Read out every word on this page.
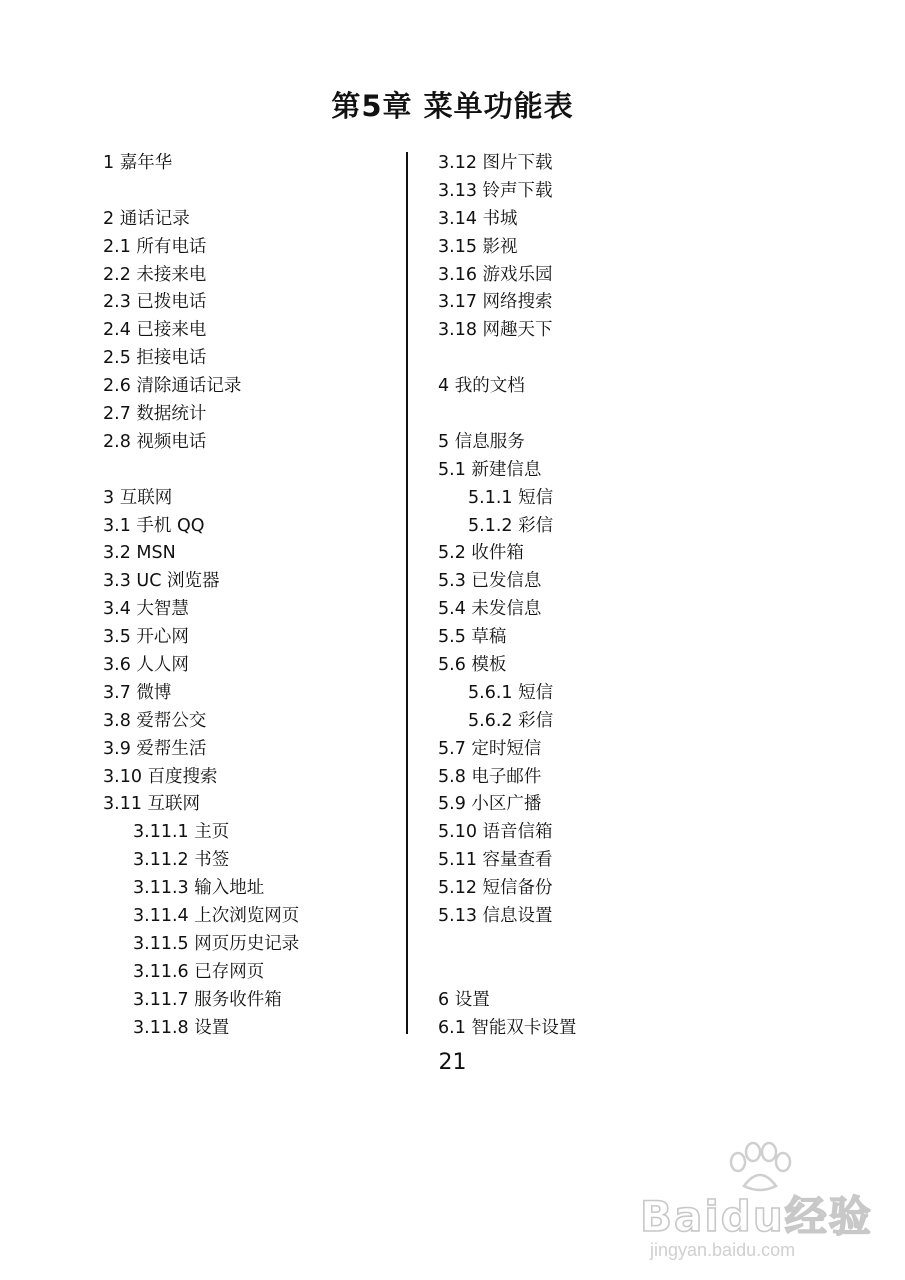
第5章 菜单功能表
1 嘉年华
2 通话记录
2.1 所有电话
2.2 未接来电
2.3 已拨电话
2.4 已接来电
2.5 拒接电话
2.6 清除通话记录
2.7 数据统计
2.8 视频电话
3 互联网
3.1 手机 QQ
3.2 MSN
3.3 UC 浏览器
3.4 大智慧
3.5 开心网
3.6 人人网
3.7 微博
3.8 爱帮公交
3.9 爱帮生活
3.10 百度搜索
3.11 互联网
3.11.1 主页
3.11.2 书签
3.11.3 输入地址
3.11.4 上次浏览网页
3.11.5 网页历史记录
3.11.6 已存网页
3.11.7 服务收件箱
3.11.8 设置
3.12 图片下载
3.13 铃声下载
3.14 书城
3.15 影视
3.16 游戏乐园
3.17 网络搜索
3.18 网趣天下
4 我的文档
5 信息服务
5.1 新建信息
5.1.1 短信
5.1.2 彩信
5.2 收件箱
5.3 已发信息
5.4 未发信息
5.5 草稿
5.6 模板
5.6.1 短信
5.6.2 彩信
5.7 定时短信
5.8 电子邮件
5.9 小区广播
5.10 语音信箱
5.11 容量查看
5.12 短信备份
5.13 信息设置
6 设置
6.1 智能双卡设置
21
Baidu经验
jingyan.baidu.com
